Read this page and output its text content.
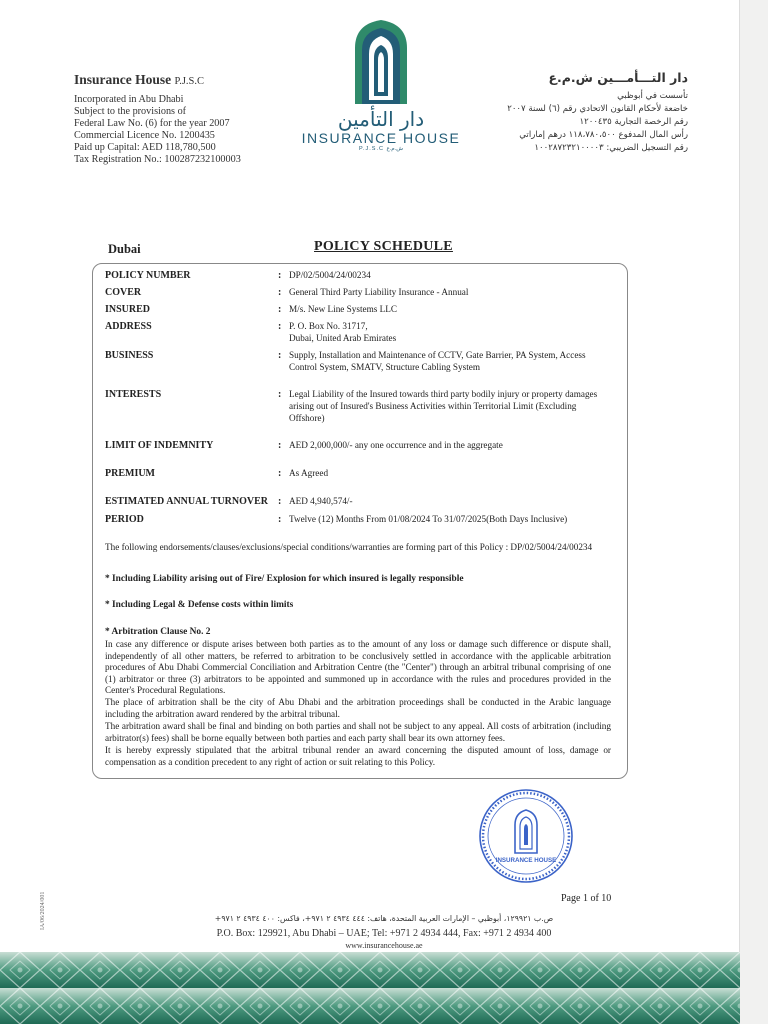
Insurance House P.J.S.C
Incorporated in Abu Dhabi
Subject to the provisions of
Federal Law No. (6) for the year 2007
Commercial Licence No. 1200435
Paid up Capital: AED 118,780,500
Tax Registration No.: 100287232100003
دار التأمين
INSURANCE HOUSE
P.J.S.C ش.م.ع
دار التـــأمـــين ش.م.ع
تأسست في أبوظبي
خاضعة لأحكام القانون الاتحادي رقم (٦) لسنة ٢٠٠٧
رقم الرخصة التجارية ١٢٠٠٤٣٥
رأس المال المدفوع ١١٨،٧٨٠،٥٠٠ درهم إماراتي
رقم التسجيل الضريبي: ١٠٠٢٨٧٢٣٢١٠٠٠٠٣
Dubai	POLICY SCHEDULE
POLICY NUMBER	: DP/02/5004/24/00234
COVER	: General Third Party Liability Insurance - Annual
INSURED	: M/s. New Line Systems LLC
ADDRESS	: P. O. Box No. 31717,
Dubai, United Arab Emirates
BUSINESS	: Supply, Installation and Maintenance of CCTV, Gate Barrier, PA System, Access Control System, SMATV, Structure Cabling System
INTERESTS	: Legal Liability of the Insured towards third party bodily injury or property damages arising out of Insured's Business Activities within Territorial Limit (Excluding Offshore)
LIMIT OF INDEMNITY	: AED 2,000,000/- any one occurrence and in the aggregate
PREMIUM	: As Agreed
ESTIMATED ANNUAL TURNOVER	: AED 4,940,574/-
PERIOD	: Twelve (12) Months From 01/08/2024 To 31/07/2025(Both Days Inclusive)
The following endorsements/clauses/exclusions/special conditions/warranties are forming part of this Policy : DP/02/5004/24/00234
* Including Liability arising out of Fire/ Explosion for which insured is legally responsible
* Including Legal & Defense costs within limits
* Arbitration Clause No. 2
In case any difference or dispute arises between both parties as to the amount of any loss or damage such difference or dispute shall, independently of all other matters, be referred to arbitration to be conclusively settled in accordance with the applicable arbitration procedures of Abu Dhabi Commercial Conciliation and Arbitration Centre (the "Center") through an arbitral tribunal comprising of one (1) arbitrator or three (3) arbitrators to be appointed and summoned up in accordance with the rules and procedures provided in the Center's Procedural Regulations.
The place of arbitration shall be the city of Abu Dhabi and the arbitration proceedings shall be conducted in the Arabic language including the arbitration award rendered by the arbitral tribunal.
The arbitration award shall be final and binding on both parties and shall not be subject to any appeal. All costs of arbitration (including arbitrator(s) fees) shall be borne equally between both parties and each party shall bear its own attorney fees.
It is hereby expressly stipulated that the arbitral tribunal render an award concerning the disputed amount of loss, damage or compensation as a condition precedent to any right of action or suit relating to this Policy.
INSURANCE HOUSE
Page 1 of 10
IA/06/2024/001	ص.ب ١٢٩٩٢١، أبوظبي – الإمارات العربية المتحدة، هاتف: ٤٤٤ ٤٩٣٤ ٢ ٩٧١+، فاكس: ٤٠٠ ٤٩٣٤ ٢ ٩٧١+
P.O. Box: 129921, Abu Dhabi – UAE; Tel: +971 2 4934 444, Fax: +971 2 4934 400
www.insurancehouse.ae
